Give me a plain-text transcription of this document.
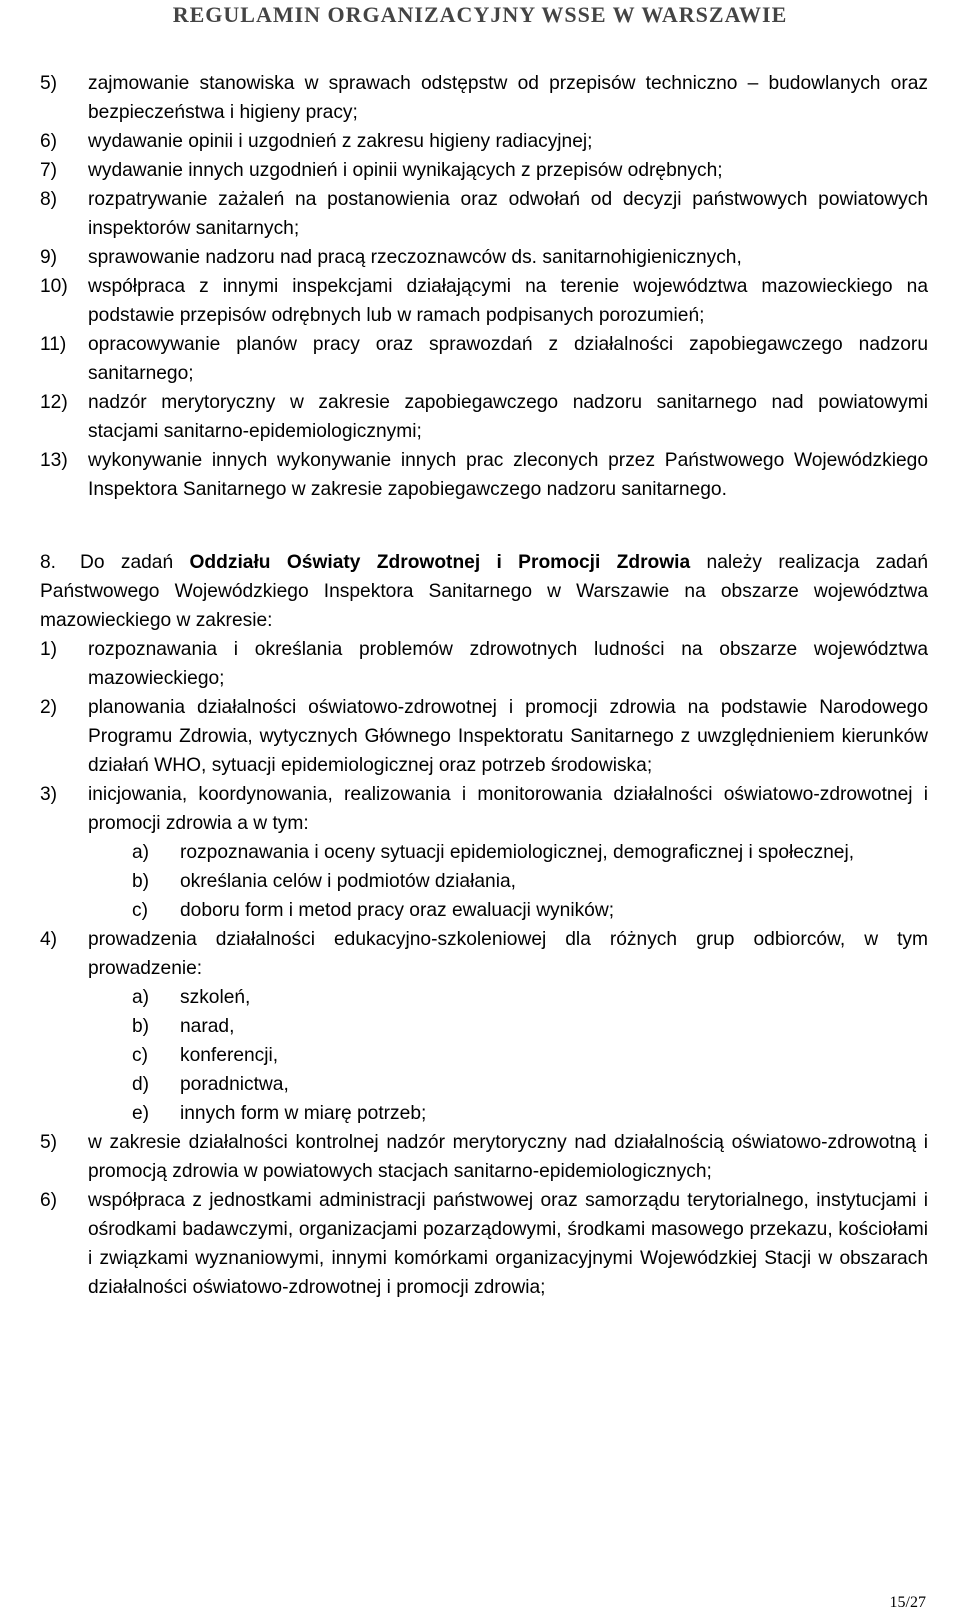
REGULAMIN ORGANIZACYJNY WSSE W WARSZAWIE
5) zajmowanie stanowiska w sprawach odstępstw od przepisów techniczno – budowlanych oraz bezpieczeństwa i higieny pracy;
6) wydawanie opinii i uzgodnień z zakresu higieny radiacyjnej;
7) wydawanie innych uzgodnień i opinii wynikających z przepisów odrębnych;
8) rozpatrywanie zażaleń na postanowienia oraz odwołań od decyzji państwowych powiatowych inspektorów sanitarnych;
9) sprawowanie nadzoru nad pracą rzeczoznawców ds. sanitarnohigienicznych,
10) współpraca z innymi inspekcjami działającymi na terenie województwa mazowieckiego na podstawie przepisów odrębnych lub w ramach podpisanych porozumień;
11) opracowywanie planów pracy oraz sprawozdań z działalności zapobiegawczego nadzoru sanitarnego;
12) nadzór merytoryczny w zakresie zapobiegawczego nadzoru sanitarnego nad powiatowymi stacjami sanitarno-epidemiologicznymi;
13) wykonywanie innych wykonywanie innych prac zleconych przez Państwowego Wojewódzkiego Inspektora Sanitarnego w zakresie zapobiegawczego nadzoru sanitarnego.
8. Do zadań Oddziału Oświaty Zdrowotnej i Promocji Zdrowia należy realizacja zadań Państwowego Wojewódzkiego Inspektora Sanitarnego w Warszawie na obszarze województwa mazowieckiego w zakresie:
1) rozpoznawania i określania problemów zdrowotnych ludności na obszarze województwa mazowieckiego;
2) planowania działalności oświatowo-zdrowotnej i promocji zdrowia na podstawie Narodowego Programu Zdrowia, wytycznych Głównego Inspektoratu Sanitarnego z uwzględnieniem kierunków działań WHO, sytuacji epidemiologicznej oraz potrzeb środowiska;
3) inicjowania, koordynowania, realizowania i monitorowania działalności oświatowo-zdrowotnej i promocji zdrowia a w tym:
a) rozpoznawania i oceny sytuacji epidemiologicznej, demograficznej i społecznej,
b) określania celów i podmiotów działania,
c) doboru form i metod pracy oraz ewaluacji wyników;
4) prowadzenia działalności edukacyjno-szkoleniowej dla różnych grup odbiorców, w tym prowadzenie:
a) szkoleń,
b) narad,
c) konferencji,
d) poradnictwa,
e) innych form w miarę potrzeb;
5) w zakresie działalności kontrolnej nadzór merytoryczny nad działalnością oświatowo-zdrowotną i promocją zdrowia w powiatowych stacjach sanitarno-epidemiologicznych;
6) współpraca z jednostkami administracji państwowej oraz samorządu terytorialnego, instytucjami i ośrodkami badawczymi, organizacjami pozarządowymi, środkami masowego przekazu, kościołami i związkami wyznaniowymi, innymi komórkami organizacyjnymi Wojewódzkiej Stacji w obszarach działalności oświatowo-zdrowotnej i promocji zdrowia;
15/27
